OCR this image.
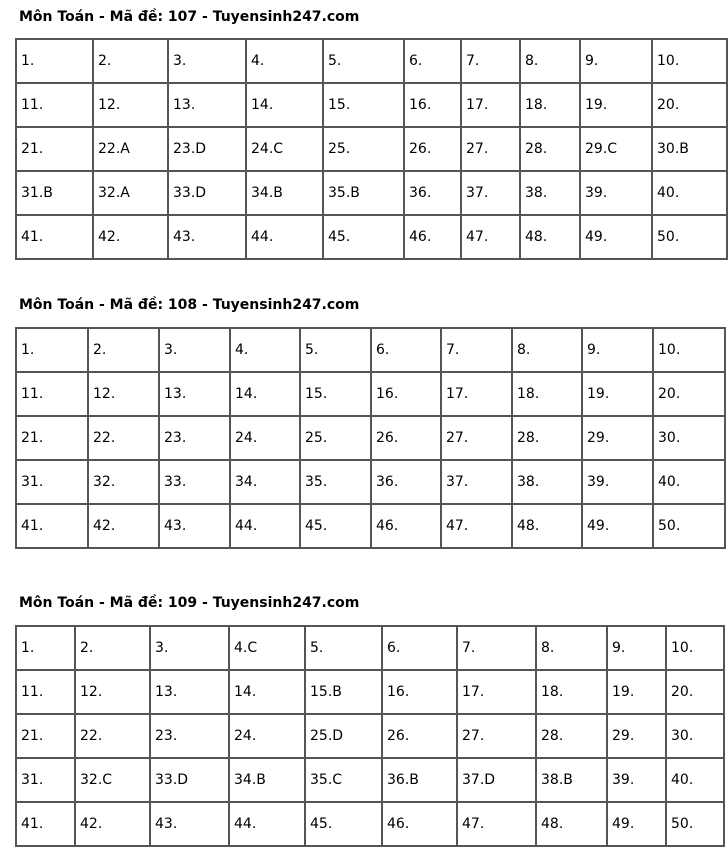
Môn Toán - Mã đề: 107 - Tuyensinh247.com
1.	2.	3.	4.	5.	6.	7.	8.	9.	10.
11.	12.	13.	14.	15.	16.	17.	18.	19.	20.
21.	22.A	23.D	24.C	25.	26.	27.	28.	29.C	30.B
31.B	32.A	33.D	34.B	35.B	36.	37.	38.	39.	40.
41.	42.	43.	44.	45.	46.	47.	48.	49.	50.
Môn Toán - Mã đề: 108 - Tuyensinh247.com
1.	2.	3.	4.	5.	6.	7.	8.	9.	10.
11.	12.	13.	14.	15.	16.	17.	18.	19.	20.
21.	22.	23.	24.	25.	26.	27.	28.	29.	30.
31.	32.	33.	34.	35.	36.	37.	38.	39.	40.
41.	42.	43.	44.	45.	46.	47.	48.	49.	50.
Môn Toán - Mã đề: 109 - Tuyensinh247.com
1.	2.	3.	4.C	5.	6.	7.	8.	9.	10.
11.	12.	13.	14.	15.B	16.	17.	18.	19.	20.
21.	22.	23.	24.	25.D	26.	27.	28.	29.	30.
31.	32.C	33.D	34.B	35.C	36.B	37.D	38.B	39.	40.
41.	42.	43.	44.	45.	46.	47.	48.	49.	50.
